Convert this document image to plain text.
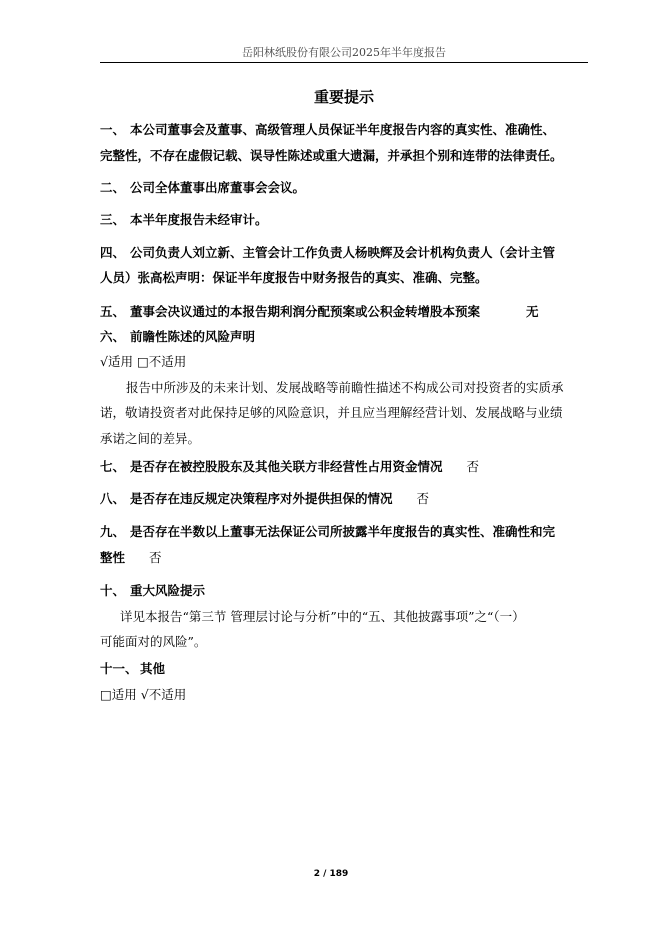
岳阳林纸股份有限公司2025年半年度报告
重要提示
一、 本公司董事会及董事、高级管理人员保证半年度报告内容的真实性、准确性、
完整性，不存在虚假记载、误导性陈述或重大遗漏，并承担个别和连带的法律责任。
二、 公司全体董事出席董事会会议。
三、 本半年度报告未经审计。
四、 公司负责人刘立新、主管会计工作负责人杨映辉及会计机构负责人（会计主管
人员）张高松声明：保证半年度报告中财务报告的真实、准确、完整。
五、 董事会决议通过的本报告期利润分配预案或公积金转增股本预案	无
六、 前瞻性陈述的风险声明
√适用 □不适用
报告中所涉及的未来计划、发展战略等前瞻性描述不构成公司对投资者的实质承
诺，敬请投资者对此保持足够的风险意识，并且应当理解经营计划、发展战略与业绩
承诺之间的差异。
七、 是否存在被控股股东及其他关联方非经营性占用资金情况 否
八、 是否存在违反规定决策程序对外提供担保的情况 否
九、 是否存在半数以上董事无法保证公司所披露半年度报告的真实性、准确性和完
整性 否
十、 重大风险提示
详见本报告“第三节 管理层讨论与分析”中的“五、其他披露事项”之“（一）
可能面对的风险”。
十一、 其他
□适用 √不适用
2 / 189
